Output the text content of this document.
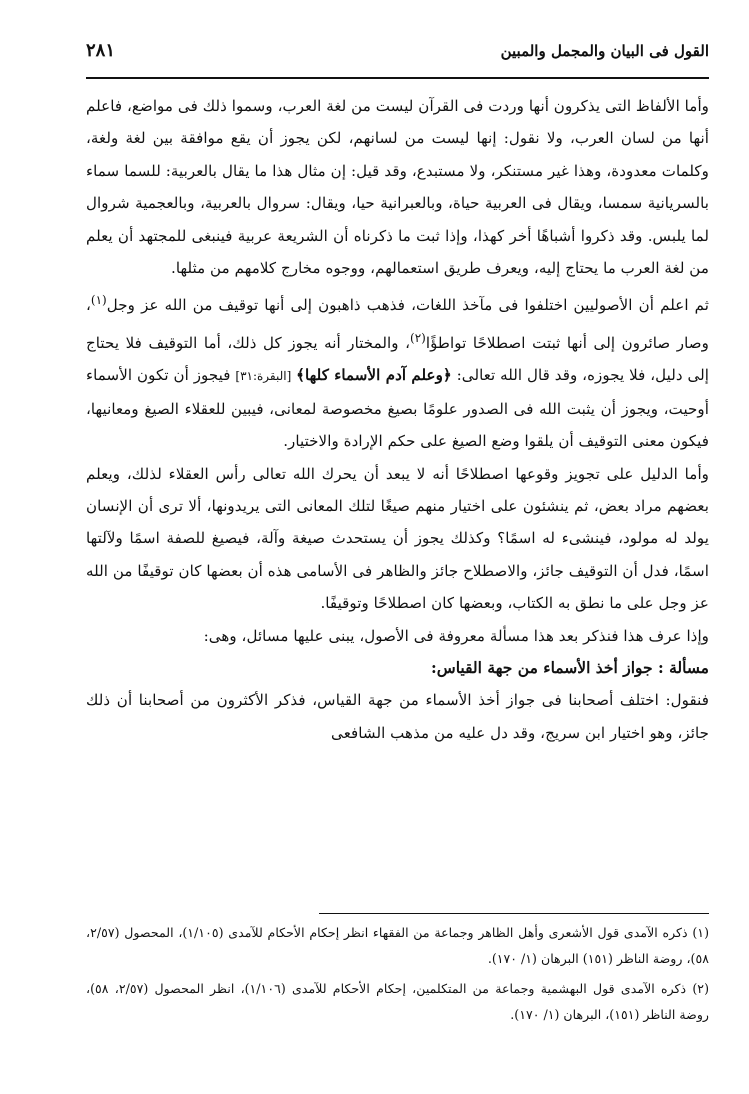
القول فى البيان والمجمل والمبين
٢٨١

وأما الألفاظ التى يذكرون أنها وردت فى القرآن ليست من لغة العرب، وسموا ذلك فى مواضع، فاعلم أنها من لسان العرب، ولا نقول: إنها ليست من لسانهم، لكن يجوز أن يقع موافقة بين لغة ولغة، وكلمات معدودة، وهذا غير مستنكر، ولا مستبدع، وقد قيل: إن مثال هذا ما يقال بالعربية: للسما سماء بالسريانية سمسا، ويقال فى العربية حياة، وبالعبرانية حيا، ويقال: سروال بالعربية، وبالعجمية شروال لما يلبس. وقد ذكروا أشباهًا أخر كهذا، وإذا ثبت ما ذكرناه أن الشريعة عربية فينبغى للمجتهد أن يعلم من لغة العرب ما يحتاج إليه، ويعرف طريق استعمالهم، ووجوه مخارج كلامهم من مثلها.

ثم اعلم أن الأصوليين اختلفوا فى مآخذ اللغات، فذهب ذاهبون إلى أنها توقيف من الله عز وجل$^{(١)}$، وصار صائرون إلى أنها ثبتت اصطلاحًا تواطؤًا$^{(٢)}$، والمختار أنه يجوز كل ذلك، أما التوقيف فلا يحتاج إلى دليل، فلا يجوزه، وقد قال الله تعالى: ﴿وعلم آدم الأسماء كلها﴾ [البقرة:٣١] فيجوز أن تكون الأسماء أوحيت، ويجوز أن يثبت الله فى الصدور علومًا بصيغ مخصوصة لمعانى، فيبين للعقلاء الصيغ ومعانيها، فيكون معنى التوقيف أن يلقوا وضع الصيغ على حكم الإرادة والاختيار.

وأما الدليل على تجويز وقوعها اصطلاحًا أنه لا يبعد أن يحرك الله تعالى رأس العقلاء لذلك، ويعلم بعضهم مراد بعض، ثم ينشئون على اختيار منهم صيغًا لتلك المعانى التى يريدونها، ألا ترى أن الإنسان يولد له مولود، فينشىء له اسمًا؟ وكذلك يجوز أن يستحدث صيغة وآلة، فيصيغ للصفة اسمًا ولآلتها اسمًا، فدل أن التوقيف جائز، والاصطلاح جائز والظاهر فى الأسامى هذه أن بعضها كان توقيفًا من الله عز وجل على ما نطق به الكتاب، وبعضها كان اصطلاحًا وتوقيفًا.

وإذا عرف هذا فنذكر بعد هذا مسألة معروفة فى الأصول، يبنى عليها مسائل، وهى:

مسألة : جواز أخذ الأسماء من جهة القياس:

فنقول: اختلف أصحابنا فى جواز أخذ الأسماء من جهة القياس، فذكر الأكثرون من أصحابنا أن ذلك جائز، وهو اختيار ابن سريج، وقد دل عليه من مذهب الشافعى

(١) ذكره الآمدى قول الأشعرى وأهل الظاهر وجماعة من الفقهاء انظر إحكام الأحكام للآمدى (١/١٠٥)، المحصول (٢/٥٧، ٥٨)، روضة الناظر (١٥١) البرهان (١/ ١٧٠).

(٢) ذكره الآمدى قول البهشمية وجماعة من المتكلمين، إحكام الأحكام للآمدى (١/١٠٦)، انظر المحصول (٢/٥٧، ٥٨)، روضة الناظر (١٥١)، البرهان (١/ ١٧٠).
